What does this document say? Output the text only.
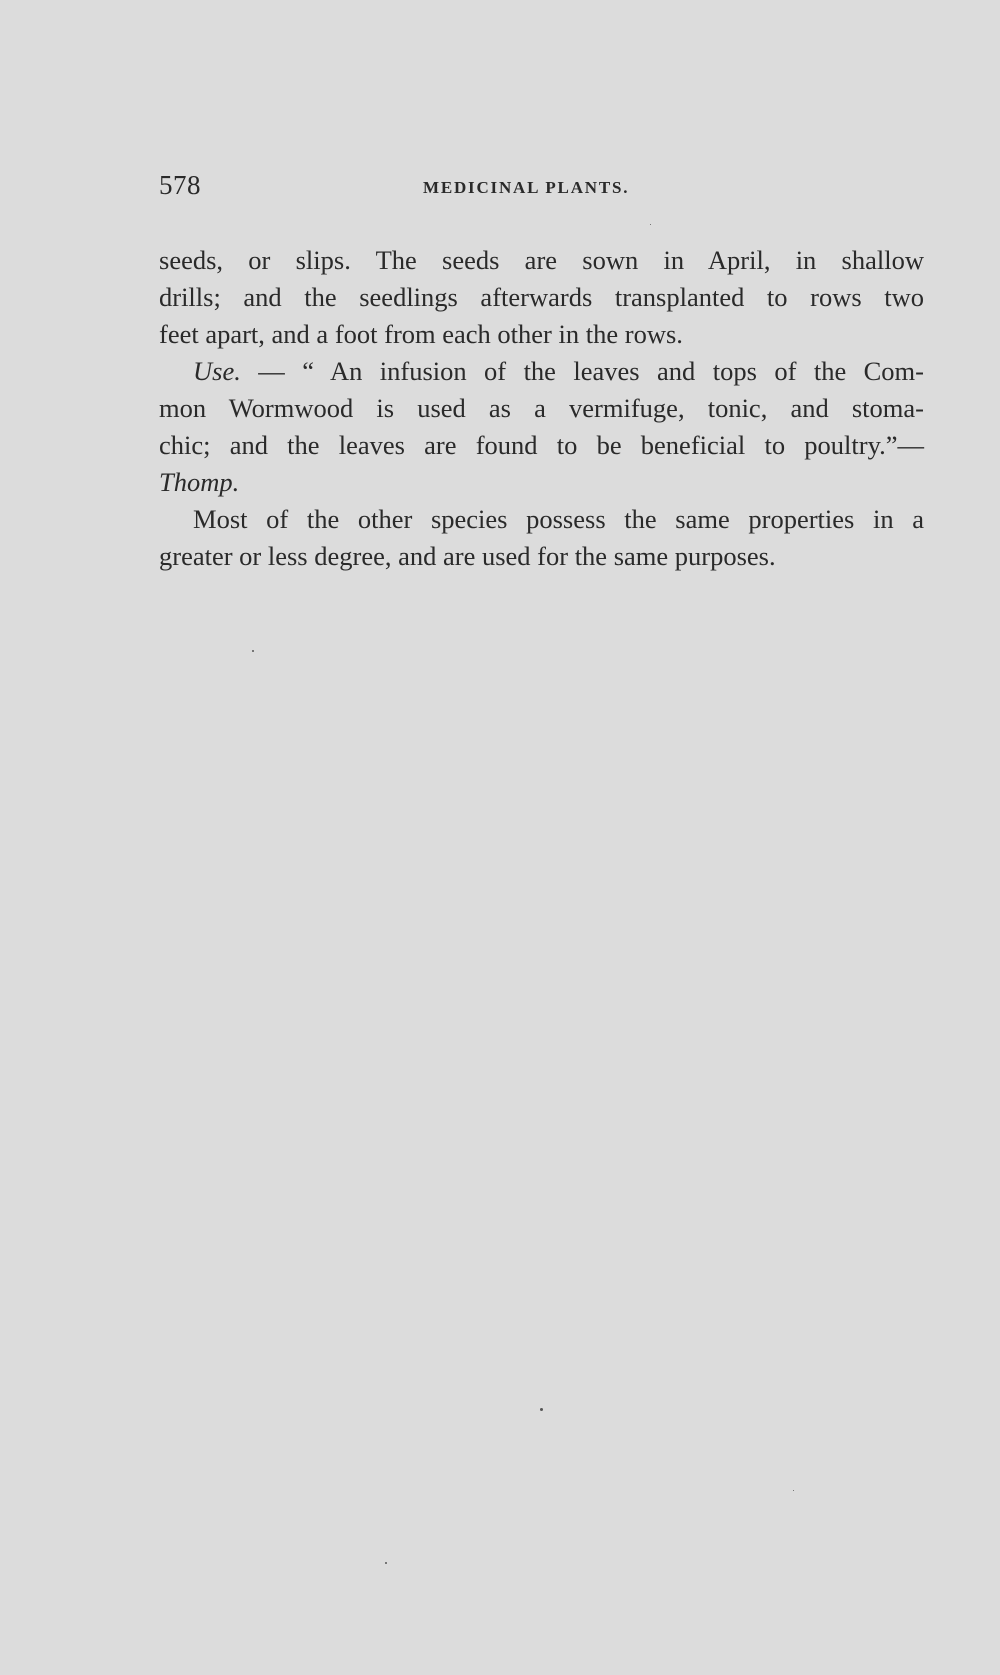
578	MEDICINAL PLANTS.
seeds, or slips. The seeds are sown in April, in shallow
drills; and the seedlings afterwards transplanted to rows two
feet apart, and a foot from each other in the rows.
Use. — “ An infusion of the leaves and tops of the Com-
mon Wormwood is used as a vermifuge, tonic, and stoma-
chic; and the leaves are found to be beneficial to poultry.”—
Thomp.
Most of the other species possess the same properties in a
greater or less degree, and are used for the same purposes.
